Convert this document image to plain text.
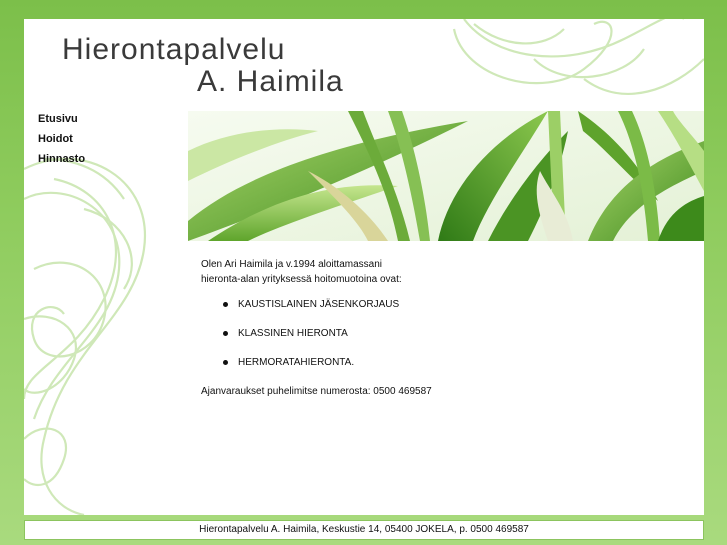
Hierontapalvelu
A. Haimila
Etusivu
Hoidot
Hinnasto

Olen Ari Haimila ja v.1994 aloittamassani
hieronta-alan yrityksessä hoitomuotoina ovat:

KAUSTISLAINEN JÄSENKORJAUS
KLASSINEN HIERONTA
HERMORATAHIERONTA.

Ajanvaraukset puhelimitse numerosta: 0500 469587

Hierontapalvelu A. Haimila, Keskustie 14, 05400 JOKELA, p. 0500 469587
